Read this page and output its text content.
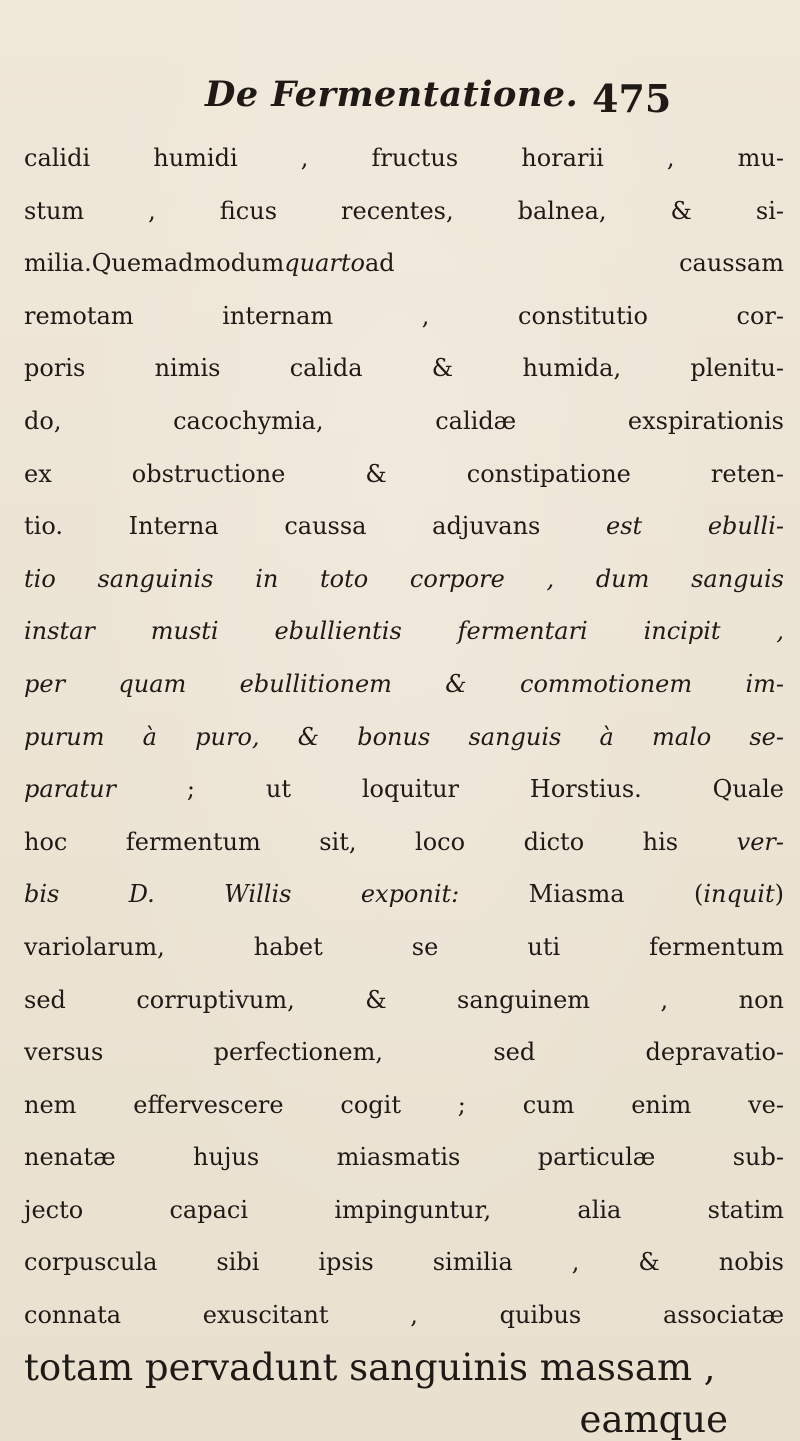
De Fermentatione. 475
calidi humidi , fructus horarii , mu-
stum , ficus recentes, balnea, & si-
milia.Quemadmodumquartoad caussam
remotam internam , constitutio cor-
poris nimis calida & humida, plenitu-
do, cacochymia, calidæ exspirationis
ex obstructione & constipatione reten-
tio. Interna caussa adjuvans est ebulli-
tio sanguinis in toto corpore , dum sanguis
instar musti ebullientis fermentari incipit ,
per quam ebullitionem & commotionem im-
purum à puro, & bonus sanguis à malo se-
paratur ; ut loquitur Horstius. Quale
hoc fermentum sit, loco dicto his ver-
bis D. Willis exponit: Miasma (inquit)
variolarum, habet se uti fermentum
sed corruptivum, & sanguinem , non
versus perfectionem, sed depravatio-
nem effervescere cogit ; cum enim ve-
nenatæ hujus miasmatis particulæ sub-
jecto capaci impinguntur, alia statim
corpuscula sibi ipsis similia , & nobis
connata exuscitant , quibus associatæ
totam pervadunt sanguinis massam ,
eamque
